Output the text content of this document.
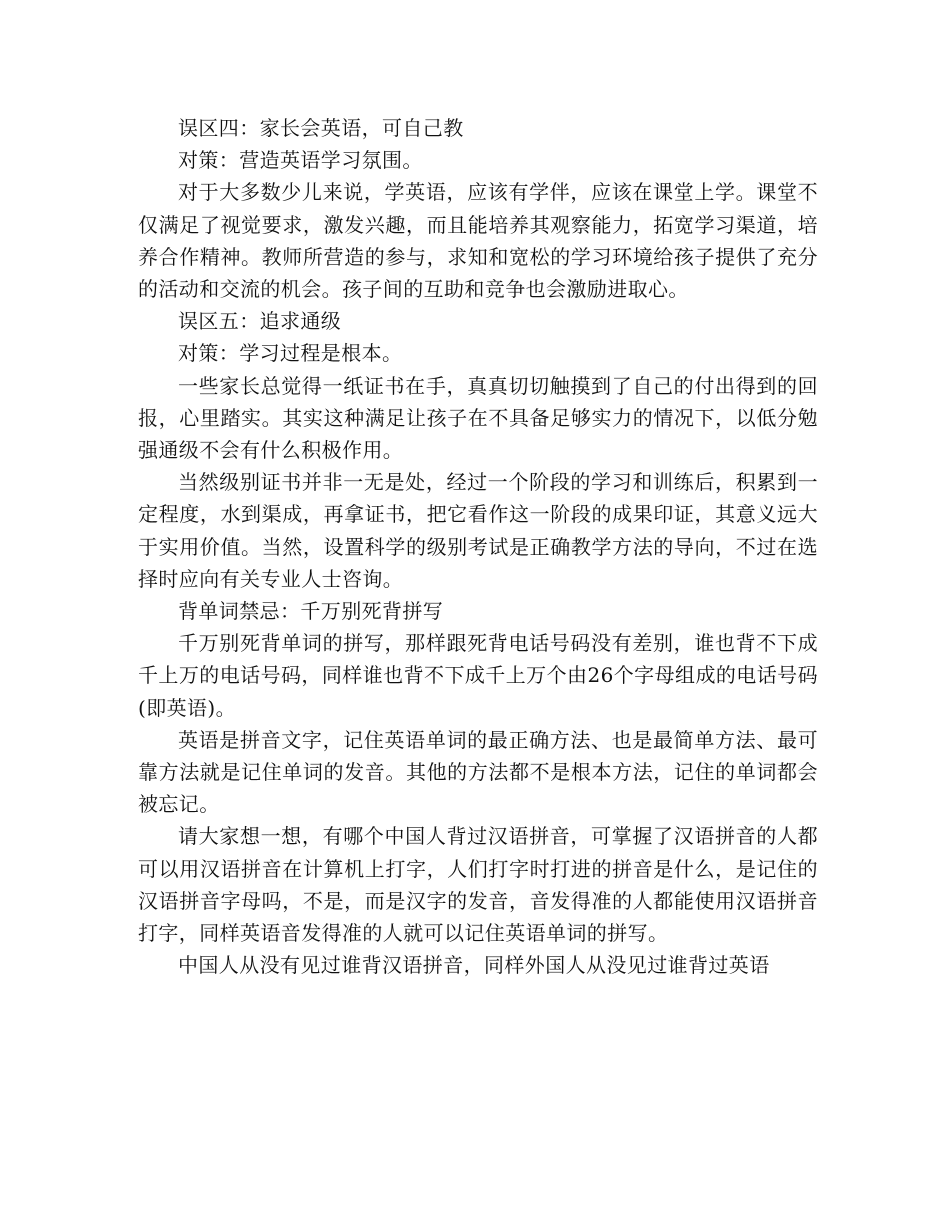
误区四：家长会英语，可自己教

对策：营造英语学习氛围。

对于大多数少儿来说，学英语，应该有学伴，应该在课堂上学。课堂不仅满足了视觉要求，激发兴趣，而且能培养其观察能力，拓宽学习渠道，培养合作精神。教师所营造的参与，求知和宽松的学习环境给孩子提供了充分的活动和交流的机会。孩子间的互助和竞争也会激励进取心。

误区五：追求通级

对策：学习过程是根本。

一些家长总觉得一纸证书在手，真真切切触摸到了自己的付出得到的回报，心里踏实。其实这种满足让孩子在不具备足够实力的情况下，以低分勉强通级不会有什么积极作用。

当然级别证书并非一无是处，经过一个阶段的学习和训练后，积累到一定程度，水到渠成，再拿证书，把它看作这一阶段的成果印证，其意义远大于实用价值。当然，设置科学的级别考试是正确教学方法的导向，不过在选择时应向有关专业人士咨询。

背单词禁忌：千万别死背拼写

千万别死背单词的拼写，那样跟死背电话号码没有差别，谁也背不下成千上万的电话号码，同样谁也背不下成千上万个由26个字母组成的电话号码(即英语)。

英语是拼音文字，记住英语单词的最正确方法、也是最简单方法、最可靠方法就是记住单词的发音。其他的方法都不是根本方法，记住的单词都会被忘记。

请大家想一想，有哪个中国人背过汉语拼音，可掌握了汉语拼音的人都可以用汉语拼音在计算机上打字，人们打字时打进的拼音是什么，是记住的汉语拼音字母吗，不是，而是汉字的发音，音发得准的人都能使用汉语拼音打字，同样英语音发得准的人就可以记住英语单词的拼写。

中国人从没有见过谁背汉语拼音，同样外国人从没见过谁背过英语
